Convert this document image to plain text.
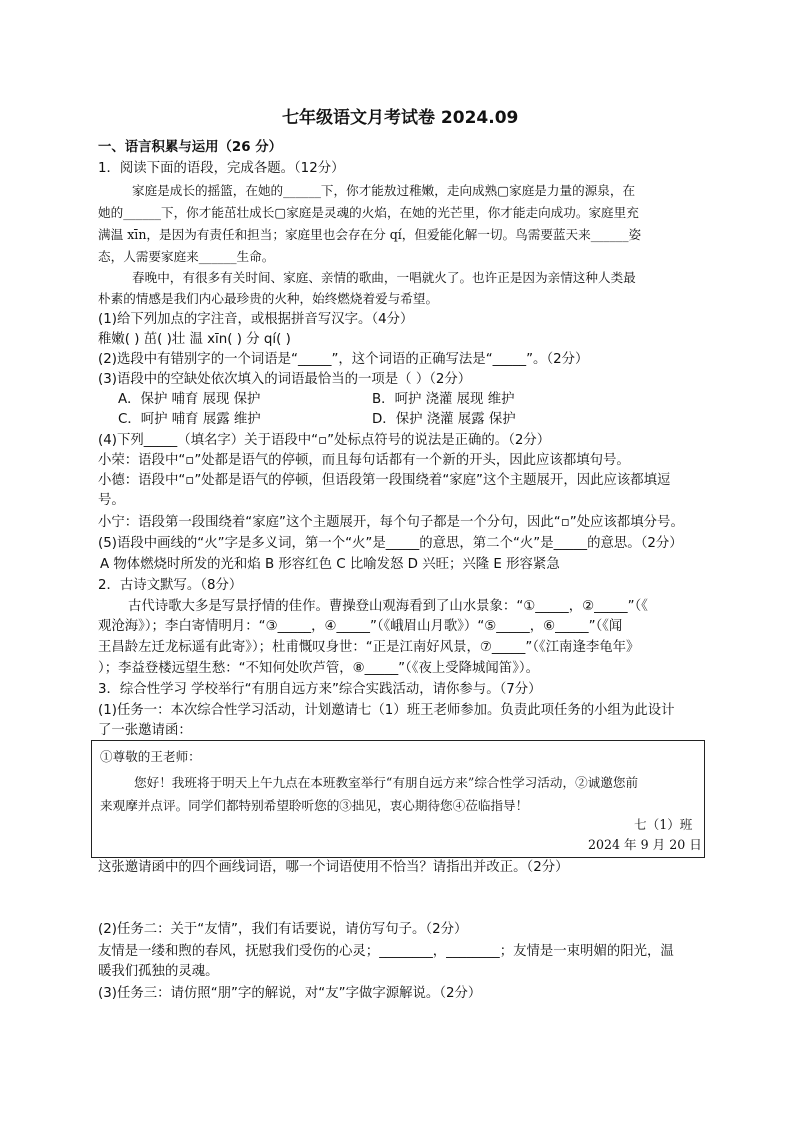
七年级语文月考试卷 2024.09
一、语言积累与运用（26 分）
1．阅读下面的语段，完成各题。（12分）
家庭是成长的摇篮，在她的______下，你才能敖过稚嫩，走向成熟▢家庭是力量的源泉，在
她的______下，你才能茁壮成长▢家庭是灵魂的火焰，在她的光芒里，你才能走向成功。家庭里充
满温 xīn，是因为有责任和担当；家庭里也会存在分 qí，但爱能化解一切。鸟需要蓝天来______姿
态，人需要家庭来______生命。
春晚中，有很多有关时间、家庭、亲情的歌曲，一唱就火了。也许正是因为亲情这种人类最
朴素的情感是我们内心最珍贵的火种，始终燃烧着爱与希望。
(1)给下列加点的字注音，或根据拼音写汉字。（4分）
稚嫩( ) 茁( )壮 温 xīn( ) 分 qí( )
(2)选段中有错别字的一个词语是“_____”，这个词语的正确写法是“_____”。（2分）
(3)语段中的空缺处依次填入的词语最恰当的一项是（ ）（2分）
A．保护 哺育 展现 保护	B．呵护 浇灌 展现 维护
C．呵护 哺育 展露 维护	D．保护 浇灌 展露 保护
(4)下列_____（填名字）关于语段中“▫”处标点符号的说法是正确的。（2分）
小荣：语段中“▫”处都是语气的停顿，而且每句话都有一个新的开头，因此应该都填句号。
小德：语段中“▫”处都是语气的停顿，但语段第一段围绕着“家庭”这个主题展开，因此应该都填逗
号。
小宁：语段第一段围绕着“家庭”这个主题展开，每个句子都是一个分句，因此“▫”处应该都填分号。
(5)语段中画线的“火”字是多义词，第一个“火”是_____的意思，第二个“火”是_____的意思。（2分）
A 物体燃烧时所发的光和焰 B 形容红色 C 比喻发怒 D 兴旺；兴隆 E 形容紧急
2．古诗文默写。（8分）
古代诗歌大多是写景抒情的佳作。曹操登山观海看到了山水景象：“①_____，②_____”（《
观沧海》）；李白寄情明月：“③_____，④_____”（《峨眉山月歌》）“⑤_____，⑥_____”（《闻
王昌龄左迁龙标遥有此寄》）；杜甫慨叹身世：“正是江南好风景，⑦_____”（《江南逢李龟年》
）；李益登楼远望生愁：“不知何处吹芦管，⑧_____”（《夜上受降城闻笛》）。
3．综合性学习 学校举行“有朋自远方来”综合实践活动，请你参与。（7分）
(1)任务一：本次综合性学习活动，计划邀请七（1）班王老师参加。负责此项任务的小组为此设计
了一张邀请函：
①尊敬的王老师：
您好！我班将于明天上午九点在本班教室举行“有朋自远方来”综合性学习活动，②诚邀您前
来观摩并点评。同学们都特别希望聆听您的③拙见，衷心期待您④莅临指导！
七（1）班
2024 年 9 月 20 日
这张邀请函中的四个画线词语，哪一个词语使用不恰当？请指出并改正。（2分）
(2)任务二：关于“友情”，我们有话要说，请仿写句子。（2分）
友情是一缕和煦的春风，抚慰我们受伤的心灵；________，________；友情是一束明媚的阳光，温
暖我们孤独的灵魂。
(3)任务三：请仿照“朋”字的解说，对“友”字做字源解说。（2分）
